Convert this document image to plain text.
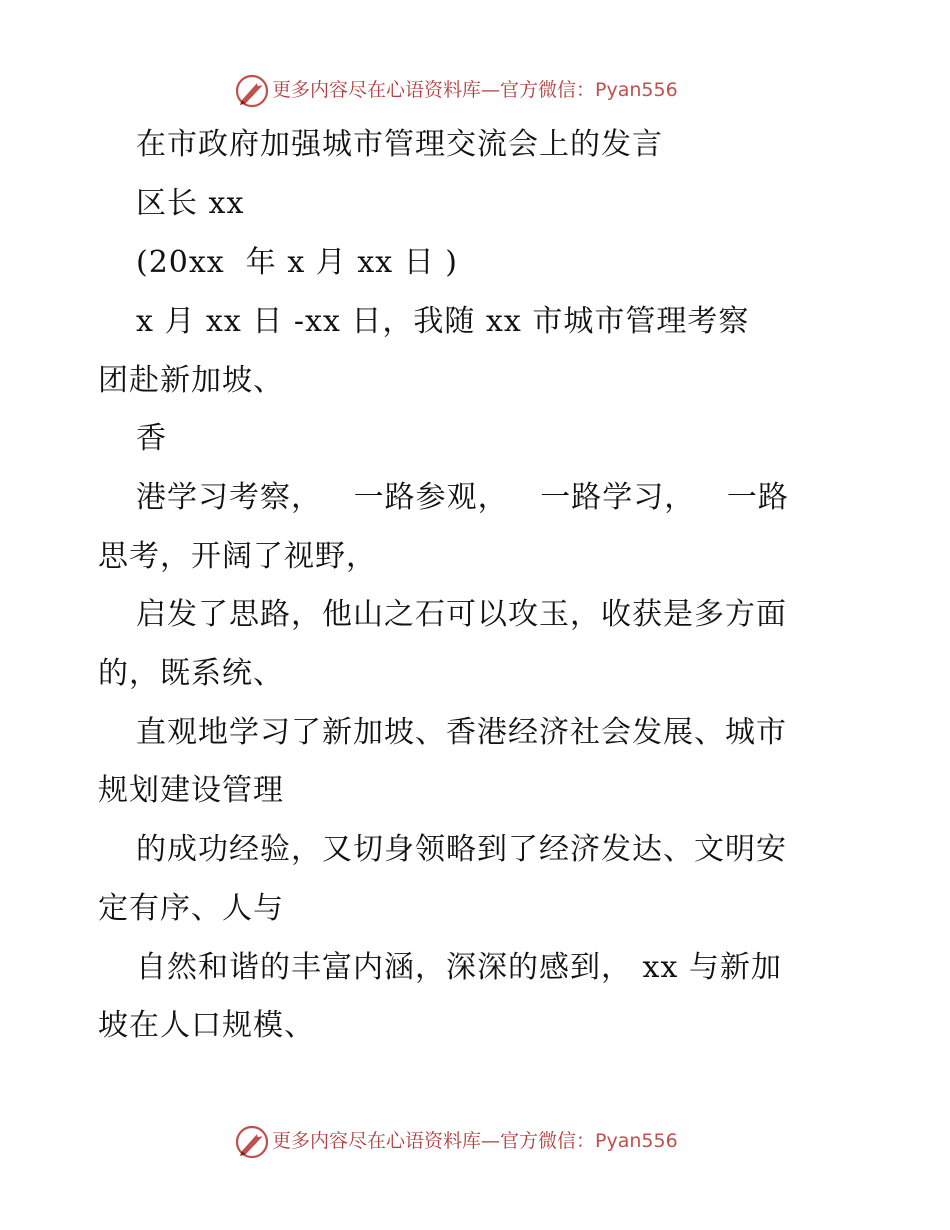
更多内容尽在心语资料库—官方微信：Pyan556
在市政府加强城市管理交流会上的发言
区长 xx
(20xx  年 x 月 xx 日 )
x 月 xx 日 -xx 日，我随 xx 市城市管理考察
团赴新加坡、
香
港学习考察，   一路参观，   一路学习，   一路
思考，开阔了视野，
启发了思路，他山之石可以攻玉，收获是多方面
的，既系统、
直观地学习了新加坡、香港经济社会发展、城市
规划建设管理
的成功经验，又切身领略到了经济发达、文明安
定有序、人与
自然和谐的丰富内涵，深深的感到， xx 与新加
坡在人口规模、
更多内容尽在心语资料库—官方微信：Pyan556
